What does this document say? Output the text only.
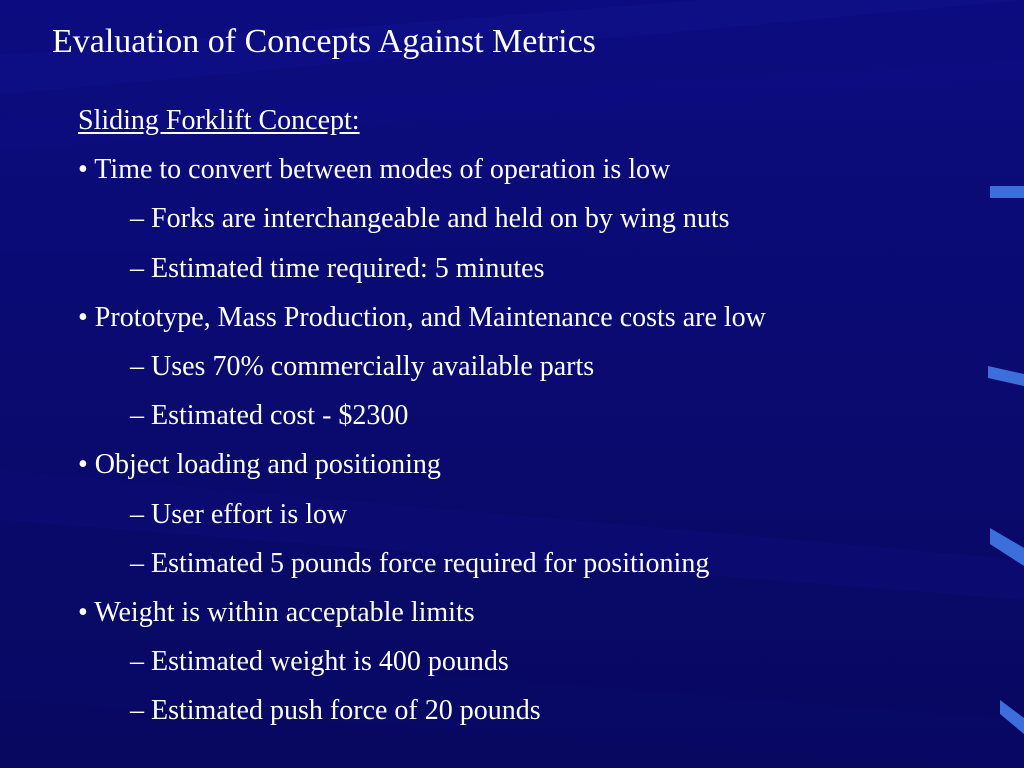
Evaluation of Concepts Against Metrics
Sliding Forklift Concept:
• Time to convert between modes of operation is low
– Forks are interchangeable and held on by wing nuts
– Estimated time required: 5 minutes
• Prototype, Mass Production, and Maintenance costs are low
– Uses 70% commercially available parts
– Estimated cost - $2300
• Object loading and positioning
– User effort is low
– Estimated 5 pounds force required for positioning
• Weight is within acceptable limits
– Estimated weight is 400 pounds
– Estimated push force of 20 pounds
